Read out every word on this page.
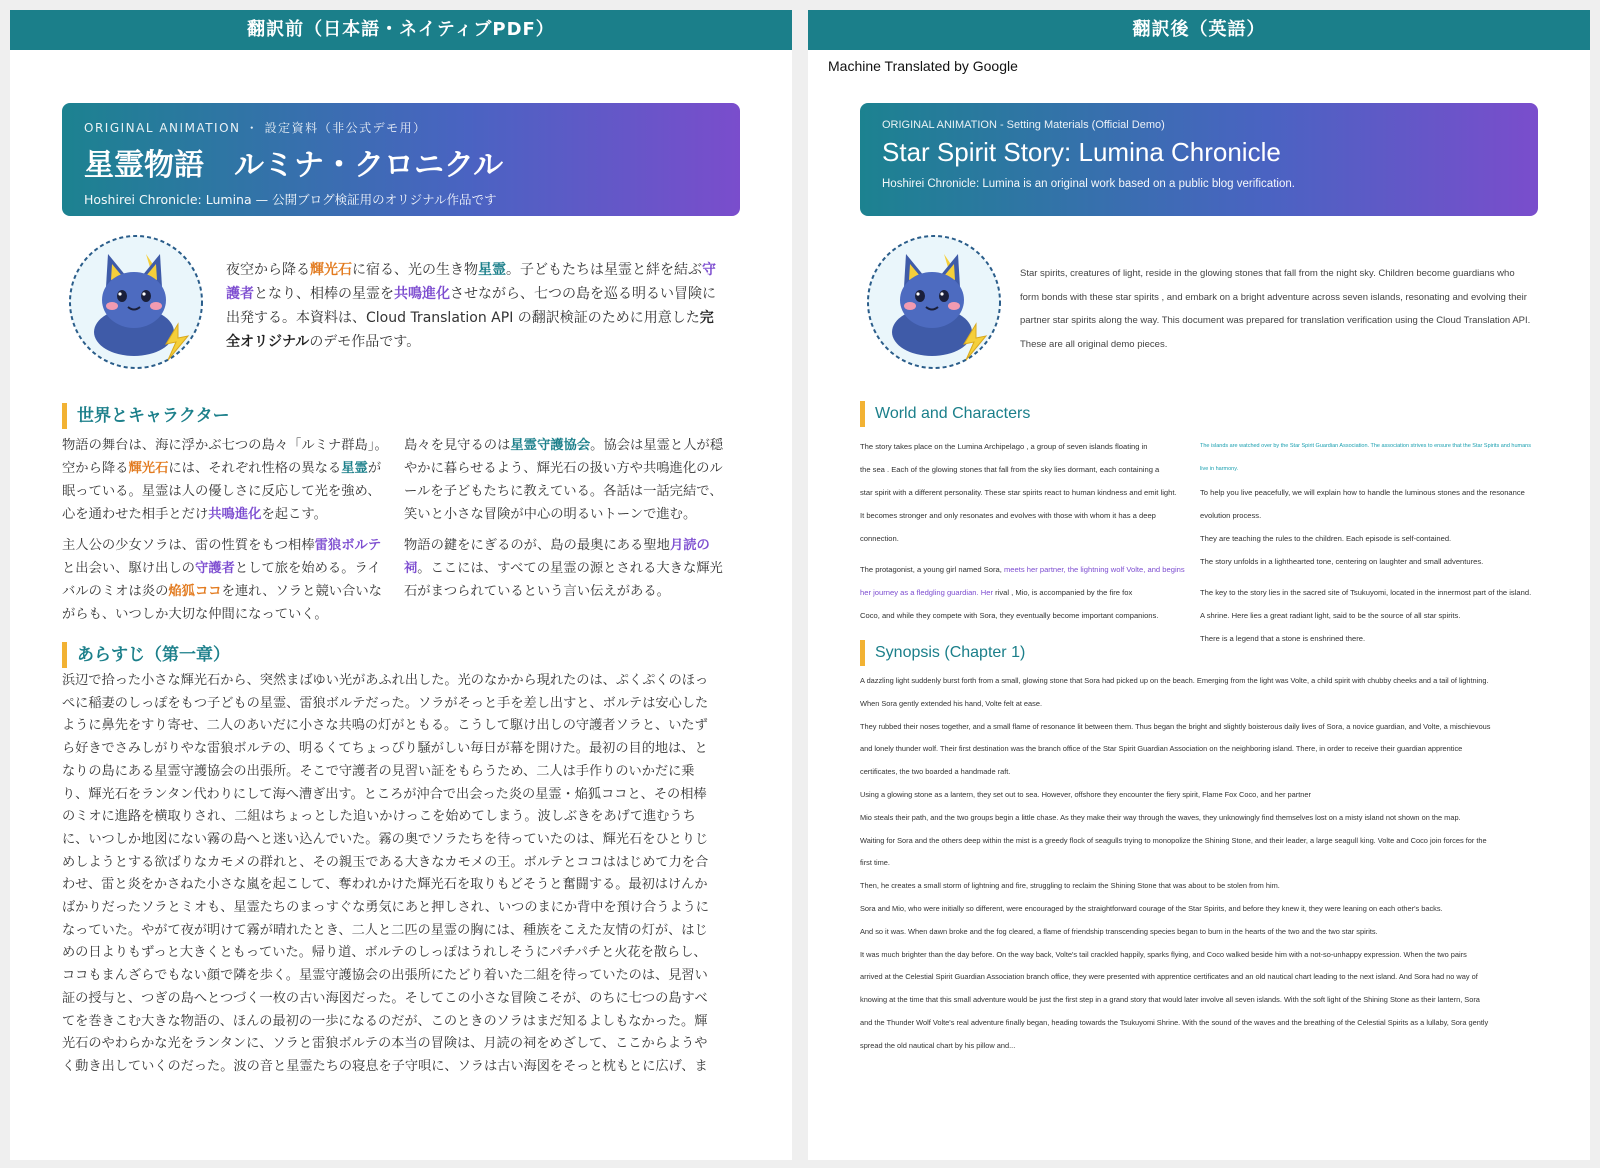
翻訳前（日本語・ネイティブPDF）
ORIGINAL ANIMATION ・ 設定資料（非公式デモ用）
星霊物語　ルミナ・クロニクル
Hoshirei Chronicle: Lumina — 公開ブログ検証用のオリジナル作品です
夜空から降る輝光石に宿る、光の生き物星霊。子どもたちは星霊と絆を結ぶ守護者となり、相棒の星霊を共鳴進化させながら、七つの島を巡る明るい冒険に出発する。本資料は、Cloud Translation API の翻訳検証のために用意した完全オリジナルのデモ作品です。
世界とキャラクター

物語の舞台は、海に浮かぶ七つの島々「ルミナ群島」。空から降る輝光石には、それぞれ性格の異なる星霊が眠っている。星霊は人の優しさに反応して光を強め、心を通わせた相手とだけ共鳴進化を起こす。

主人公の少女ソラは、雷の性質をもつ相棒雷狼ボルテと出会い、駆け出しの守護者として旅を始める。ライバルのミオは炎の焔狐ココを連れ、ソラと競い合いながらも、いつしか大切な仲間になっていく。

島々を見守るのは星霊守護協会。協会は星霊と人が穏やかに暮らせるよう、輝光石の扱い方や共鳴進化のルールを子どもたちに教えている。各話は一話完結で、笑いと小さな冒険が中心の明るいトーンで進む。

物語の鍵をにぎるのが、島の最奥にある聖地月読の祠。ここには、すべての星霊の源とされる大きな輝光石がまつられているという言い伝えがある。

あらすじ（第一章）
浜辺で拾った小さな輝光石から、突然まばゆい光があふれ出した。光のなかから現れたのは、ぷくぷくのほっ
ぺに稲妻のしっぽをもつ子どもの星霊、雷狼ボルテだった。ソラがそっと手を差し出すと、ボルテは安心した
ように鼻先をすり寄せ、二人のあいだに小さな共鳴の灯がともる。こうして駆け出しの守護者ソラと、いたず
ら好きでさみしがりやな雷狼ボルテの、明るくてちょっぴり騒がしい毎日が幕を開けた。最初の目的地は、と
なりの島にある星霊守護協会の出張所。そこで守護者の見習い証をもらうため、二人は手作りのいかだに乗
り、輝光石をランタン代わりにして海へ漕ぎ出す。ところが沖合で出会った炎の星霊・焔狐ココと、その相棒
のミオに進路を横取りされ、二組はちょっとした追いかけっこを始めてしまう。波しぶきをあげて進むうち
に、いつしか地図にない霧の島へと迷い込んでいた。霧の奥でソラたちを待っていたのは、輝光石をひとりじ
めしようとする欲ばりなカモメの群れと、その親玉である大きなカモメの王。ボルテとココははじめて力を合
わせ、雷と炎をかさねた小さな嵐を起こして、奪われかけた輝光石を取りもどそうと奮闘する。最初はけんか
ばかりだったソラとミオも、星霊たちのまっすぐな勇気にあと押しされ、いつのまにか背中を預け合うように
なっていた。やがて夜が明けて霧が晴れたとき、二人と二匹の星霊の胸には、種族をこえた友情の灯が、はじ
めの日よりもずっと大きくともっていた。帰り道、ボルテのしっぽはうれしそうにパチパチと火花を散らし、
ココもまんざらでもない顔で隣を歩く。星霊守護協会の出張所にたどり着いた二組を待っていたのは、見習い
証の授与と、つぎの島へとつづく一枚の古い海図だった。そしてこの小さな冒険こそが、のちに七つの島すべ
てを巻きこむ大きな物語の、ほんの最初の一歩になるのだが、このときのソラはまだ知るよしもなかった。輝
光石のやわらかな光をランタンに、ソラと雷狼ボルテの本当の冒険は、月読の祠をめざして、ここからようや
く動き出していくのだった。波の音と星霊たちの寝息を子守唄に、ソラは古い海図をそっと枕もとに広げ、ま
翻訳後（英語）
Machine Translated by Google
ORIGINAL ANIMATION - Setting Materials (Official Demo)
Star Spirit Story: Lumina Chronicle
Hoshirei Chronicle: Lumina is an original work based on a public blog verification.
Star spirits, creatures of light, reside in the glowing stones that fall from the night sky. Children become guardians who
form bonds with these star spirits , and embark on a bright adventure across seven islands, resonating and evolving their
partner star spirits along the way. This document was prepared for translation verification using the Cloud Translation API.
These are all original demo pieces.
World and Characters

The story takes place on the Lumina Archipelago , a group of seven islands floating in
the sea . Each of the glowing stones that fall from the sky lies dormant, each containing a
star spirit with a different personality. These star spirits react to human kindness and emit light.
It becomes stronger and only resonates and evolves with those with whom it has a deep connection.

The protagonist, a young girl named Sora, meets her partner, the lightning wolf Volte, and begins her journey as a fledgling guardian. Her rival , Mio, is accompanied by the fire fox
Coco, and while they compete with Sora, they eventually become important companions.

The islands are watched over by the Star Spirit Guardian Association. The association strives to ensure that the Star Spirits and humans live in harmony.
To help you live peacefully, we will explain how to handle the luminous stones and the resonance evolution process.
They are teaching the rules to the children. Each episode is self-contained.
The story unfolds in a lighthearted tone, centering on laughter and small adventures.

The key to the story lies in the sacred site of Tsukuyomi, located in the innermost part of the island.
A shrine. Here lies a great radiant light, said to be the source of all star spirits.
There is a legend that a stone is enshrined there.

Synopsis (Chapter 1)
A dazzling light suddenly burst forth from a small, glowing stone that Sora had picked up on the beach. Emerging from the light was Volte, a child spirit with chubby cheeks and a tail of lightning.
When Sora gently extended his hand, Volte felt at ease.
They rubbed their noses together, and a small flame of resonance lit between them. Thus began the bright and slightly boisterous daily lives of Sora, a novice guardian, and Volte, a mischievous
and lonely thunder wolf. Their first destination was the branch office of the Star Spirit Guardian Association on the neighboring island. There, in order to receive their guardian apprentice
certificates, the two boarded a handmade raft.
Using a glowing stone as a lantern, they set out to sea. However, offshore they encounter the fiery spirit, Flame Fox Coco, and her partner
Mio steals their path, and the two groups begin a little chase. As they make their way through the waves, they unknowingly find themselves lost on a misty island not shown on the map.
Waiting for Sora and the others deep within the mist is a greedy flock of seagulls trying to monopolize the Shining Stone, and their leader, a large seagull king. Volte and Coco join forces for the
first time.
Then, he creates a small storm of lightning and fire, struggling to reclaim the Shining Stone that was about to be stolen from him.
Sora and Mio, who were initially so different, were encouraged by the straightforward courage of the Star Spirits, and before they knew it, they were leaning on each other's backs.
And so it was. When dawn broke and the fog cleared, a flame of friendship transcending species began to burn in the hearts of the two and the two star spirits.
It was much brighter than the day before. On the way back, Volte's tail crackled happily, sparks flying, and Coco walked beside him with a not-so-unhappy expression. When the two pairs
arrived at the Celestial Spirit Guardian Association branch office, they were presented with apprentice certificates and an old nautical chart leading to the next island. And Sora had no way of
knowing at the time that this small adventure would be just the first step in a grand story that would later involve all seven islands. With the soft light of the Shining Stone as their lantern, Sora
and the Thunder Wolf Volte's real adventure finally began, heading towards the Tsukuyomi Shrine. With the sound of the waves and the breathing of the Celestial Spirits as a lullaby, Sora gently
spread the old nautical chart by his pillow and...
